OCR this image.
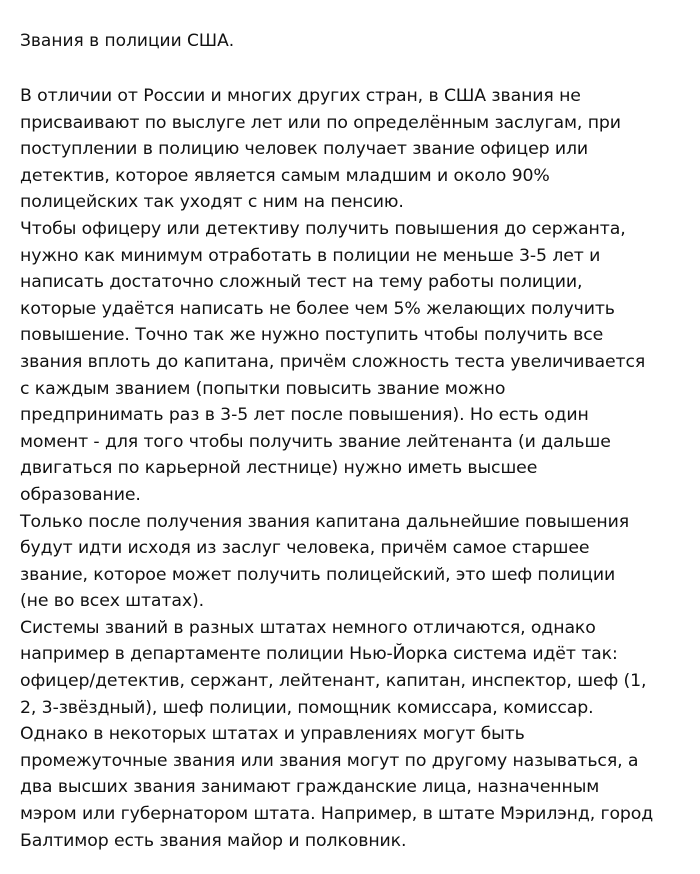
Звания в полиции США.
В отличии от России и многих других стран, в США звания не
присваивают по выслуге лет или по определённым заслугам, при
поступлении в полицию человек получает звание офицер или
детектив, которое является самым младшим и около 90%
полицейских так уходят с ним на пенсию.
Чтобы офицеру или детективу получить повышения до сержанта,
нужно как минимум отработать в полиции не меньше 3-5 лет и
написать достаточно сложный тест на тему работы полиции,
которые удаётся написать не более чем 5% желающих получить
повышение. Точно так же нужно поступить чтобы получить все
звания вплоть до капитана, причём сложность теста увеличивается
с каждым званием (попытки повысить звание можно
предпринимать раз в 3-5 лет после повышения). Но есть один
момент - для того чтобы получить звание лейтенанта (и дальше
двигаться по карьерной лестнице) нужно иметь высшее
образование.
Только после получения звания капитана дальнейшие повышения
будут идти исходя из заслуг человека, причём самое старшее
звание, которое может получить полицейский, это шеф полиции
(не во всех штатах).
Системы званий в разных штатах немного отличаются, однако
например в департаменте полиции Нью-Йорка система идёт так:
офицер/детектив, сержант, лейтенант, капитан, инспектор, шеф (1,
2, 3-звёздный), шеф полиции, помощник комиссара, комиссар.
Однако в некоторых штатах и управлениях могут быть
промежуточные звания или звания могут по другому называться, а
два высших звания занимают гражданские лица, назначенным
мэром или губернатором штата. Например, в штате Мэрилэнд, город
Балтимор есть звания майор и полковник.
